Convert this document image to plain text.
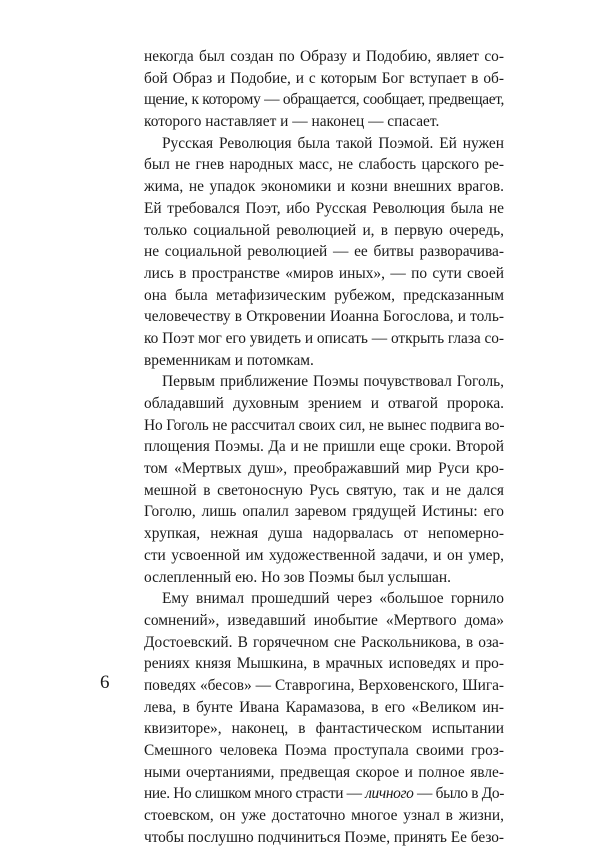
некогда был создан по Образу и Подобию, являет со-
бой Образ и Подобие, и с которым Бог вступает в об-
щение, к которому — обращается, сообщает, предвещает,
которого наставляет и — наконец — спасает.
Русская Революция была такой Поэмой. Ей нужен
был не гнев народных масс, не слабость царского ре-
жима, не упадок экономики и козни внешних врагов.
Ей требовался Поэт, ибо Русская Революция была не
только социальной революцией и, в первую очередь,
не социальной революцией — ее битвы разворачива-
лись в пространстве «миров иных», — по сути своей
она была метафизическим рубежом, предсказанным
человечеству в Откровении Иоанна Богослова, и толь-
ко Поэт мог его увидеть и описать — открыть глаза со-
временникам и потомкам.
Первым приближение Поэмы почувствовал Гоголь,
обладавший духовным зрением и отвагой пророка.
Но Гоголь не рассчитал своих сил, не вынес подвига во-
площения Поэмы. Да и не пришли еще сроки. Второй
том «Мертвых душ», преображавший мир Руси кро-
мешной в светоносную Русь святую, так и не дался
Гоголю, лишь опалил заревом грядущей Истины: его
хрупкая, нежная душа надорвалась от непомерно-
сти усвоенной им художественной задачи, и он умер,
ослепленный ею. Но зов Поэмы был услышан.
Ему внимал прошедший через «большое горнило
сомнений», изведавший инобытие «Мертвого дома»
Достоевский. В горячечном сне Раскольникова, в оза-
рениях князя Мышкина, в мрачных исповедях и про-
поведях «бесов» — Ставрогина, Верховенского, Шига-
лева, в бунте Ивана Карамазова, в его «Великом ин-
квизиторе», наконец, в фантастическом испытании
Смешного человека Поэма проступала своими гроз-
ными очертаниями, предвещая скорое и полное явле-
ние. Но слишком много страсти — личного — было в До-
стоевском, он уже достаточно многое узнал в жизни,
чтобы послушно подчиниться Поэме, принять Ее безо-
6
